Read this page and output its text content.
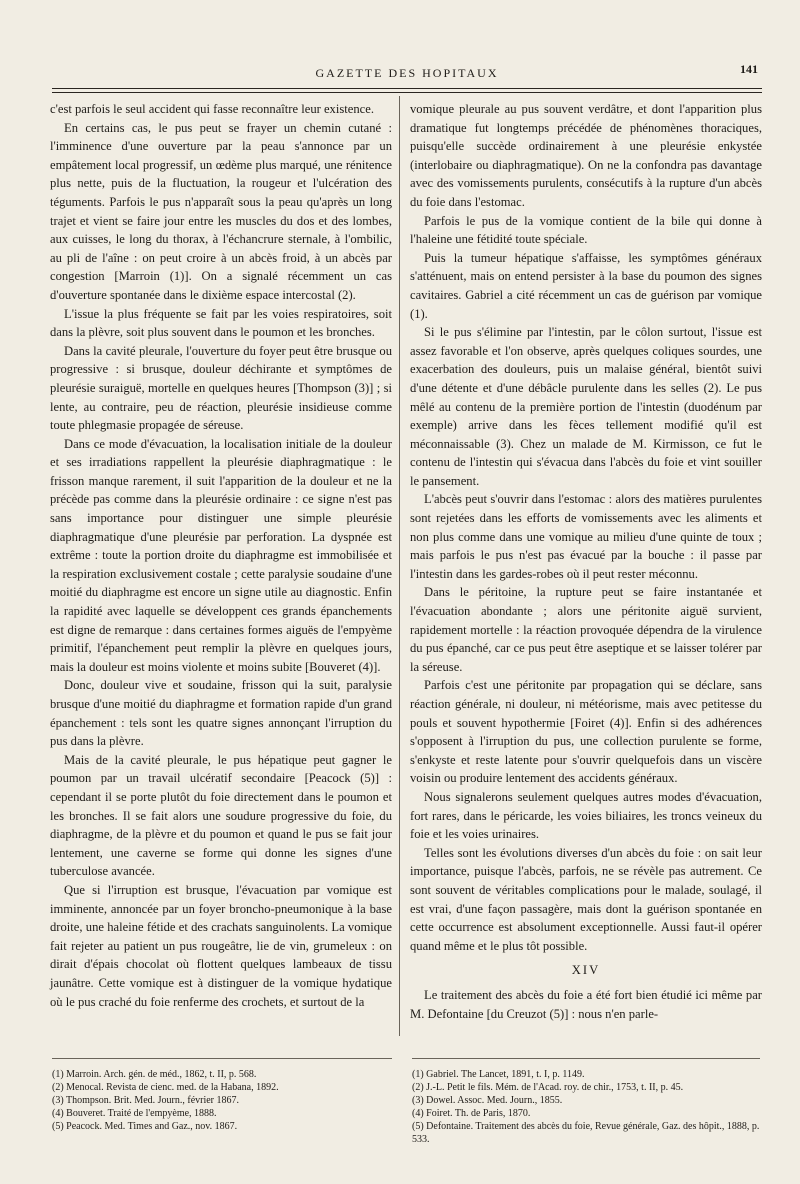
GAZETTE DES HOPITAUX	141

c'est parfois le seul accident qui fasse reconnaître leur existence.

En certains cas, le pus peut se frayer un chemin cutané : l'imminence d'une ouverture par la peau s'annonce par un empâtement local progressif, un œdème plus marqué, une rénitence plus nette, puis de la fluctuation, la rougeur et l'ulcération des téguments. Parfois le pus n'apparaît sous la peau qu'après un long trajet et vient se faire jour entre les muscles du dos et des lombes, aux cuisses, le long du thorax, à l'échancrure sternale, à l'ombilic, au pli de l'aîne : on peut croire à un abcès froid, à un abcès par congestion [Marroin (1)]. On a signalé récemment un cas d'ouverture spontanée dans le dixième espace intercostal (2).

L'issue la plus fréquente se fait par les voies respiratoires, soit dans la plèvre, soit plus souvent dans le poumon et les bronches.

Dans la cavité pleurale, l'ouverture du foyer peut être brusque ou progressive : si brusque, douleur déchirante et symptômes de pleurésie suraiguë, mortelle en quelques heures [Thompson (3)] ; si lente, au contraire, peu de réaction, pleurésie insidieuse comme toute phlegmasie propagée de séreuse.

Dans ce mode d'évacuation, la localisation initiale de la douleur et ses irradiations rappellent la pleurésie diaphragmatique : le frisson manque rarement, il suit l'apparition de la douleur et ne la précède pas comme dans la pleurésie ordinaire : ce signe n'est pas sans importance pour distinguer une simple pleurésie diaphragmatique d'une pleurésie par perforation. La dyspnée est extrême : toute la portion droite du diaphragme est immobilisée et la respiration exclusivement costale ; cette paralysie soudaine d'une moitié du diaphragme est encore un signe utile au diagnostic. Enfin la rapidité avec laquelle se développent ces grands épanchements est digne de remarque : dans certaines formes aiguës de l'empyème primitif, l'épanchement peut remplir la plèvre en quelques jours, mais la douleur est moins violente et moins subite [Bouveret (4)].

Donc, douleur vive et soudaine, frisson qui la suit, paralysie brusque d'une moitié du diaphragme et formation rapide d'un grand épanchement : tels sont les quatre signes annonçant l'irruption du pus dans la plèvre.

Mais de la cavité pleurale, le pus hépatique peut gagner le poumon par un travail ulcératif secondaire [Peacock (5)] : cependant il se porte plutôt du foie directement dans le poumon et les bronches. Il se fait alors une soudure progressive du foie, du diaphragme, de la plèvre et du poumon et quand le pus se fait jour lentement, une caverne se forme qui donne les signes d'une tuberculose avancée.

Que si l'irruption est brusque, l'évacuation par vomique est imminente, annoncée par un foyer broncho-pneumonique à la base droite, une haleine fétide et des crachats sanguinolents. La vomique fait rejeter au patient un pus rougeâtre, lie de vin, grumeleux : on dirait d'épais chocolat où flottent quelques lambeaux de tissu jaunâtre. Cette vomique est à distinguer de la vomique hydatique où le pus craché du foie renferme des crochets, et surtout de la

vomique pleurale au pus souvent verdâtre, et dont l'apparition plus dramatique fut longtemps précédée de phénomènes thoraciques, puisqu'elle succède ordinairement à une pleurésie enkystée (interlobaire ou diaphragmatique). On ne la confondra pas davantage avec des vomissements purulents, consécutifs à la rupture d'un abcès du foie dans l'estomac.

Parfois le pus de la vomique contient de la bile qui donne à l'haleine une fétidité toute spéciale.

Puis la tumeur hépatique s'affaisse, les symptômes généraux s'atténuent, mais on entend persister à la base du poumon des signes cavitaires. Gabriel a cité récemment un cas de guérison par vomique (1).

Si le pus s'élimine par l'intestin, par le côlon surtout, l'issue est assez favorable et l'on observe, après quelques coliques sourdes, une exacerbation des douleurs, puis un malaise général, bientôt suivi d'une détente et d'une débâcle purulente dans les selles (2). Le pus mêlé au contenu de la première portion de l'intestin (duodénum par exemple) arrive dans les fèces tellement modifié qu'il est méconnaissable (3). Chez un malade de M. Kirmisson, ce fut le contenu de l'intestin qui s'évacua dans l'abcès du foie et vint souiller le pansement.

L'abcès peut s'ouvrir dans l'estomac : alors des matières purulentes sont rejetées dans les efforts de vomissements avec les aliments et non plus comme dans une vomique au milieu d'une quinte de toux ; mais parfois le pus n'est pas évacué par la bouche : il passe par l'intestin dans les gardes-robes où il peut rester méconnu.

Dans le péritoine, la rupture peut se faire instantanée et l'évacuation abondante ; alors une péritonite aiguë survient, rapidement mortelle : la réaction provoquée dépendra de la virulence du pus épanché, car ce pus peut être aseptique et se laisser tolérer par la séreuse.

Parfois c'est une péritonite par propagation qui se déclare, sans réaction générale, ni douleur, ni météorisme, mais avec petitesse du pouls et souvent hypothermie [Foiret (4)]. Enfin si des adhérences s'opposent à l'irruption du pus, une collection purulente se forme, s'enkyste et reste latente pour s'ouvrir quelquefois dans un viscère voisin ou produire lentement des accidents généraux.

Nous signalerons seulement quelques autres modes d'évacuation, fort rares, dans le péricarde, les voies biliaires, les troncs veineux du foie et les voies urinaires.

Telles sont les évolutions diverses d'un abcès du foie : on sait leur importance, puisque l'abcès, parfois, ne se révèle pas autrement. Ce sont souvent de véritables complications pour le malade, soulagé, il est vrai, d'une façon passagère, mais dont la guérison spontanée en cette occurrence est absolument exceptionnelle. Aussi faut-il opérer quand même et le plus tôt possible.

XIV

Le traitement des abcès du foie a été fort bien étudié ici même par M. Defontaine [du Creuzot (5)] : nous n'en parle-

(1) Marroin. Arch. gén. de méd., 1862, t. II, p. 568.
(2) Menocal. Revista de cienc. med. de la Habana, 1892.
(3) Thompson. Brit. Med. Journ., février 1867.
(4) Bouveret. Traité de l'empyème, 1888.
(5) Peacock. Med. Times and Gaz., nov. 1867.
(1) Gabriel. The Lancet, 1891, t. I, p. 1149.
(2) J.-L. Petit le fils. Mém. de l'Acad. roy. de chir., 1753, t. II, p. 45.
(3) Dowel. Assoc. Med. Journ., 1855.
(4) Foiret. Th. de Paris, 1870.
(5) Defontaine. Traitement des abcès du foie, Revue générale, Gaz. des hôpit., 1888, p. 533.
